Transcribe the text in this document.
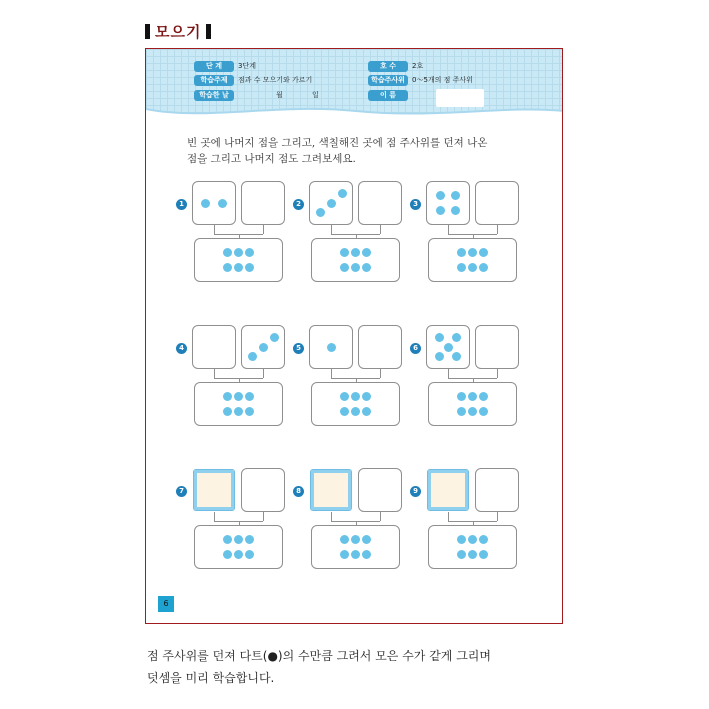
모으기
단 계	3단계
학습주제	점과 수 모으기와 가르기
학습한 날	월	일
호 수	2호
학습주사위	0～5개의 점 주사위
이 름
빈 곳에 나머지 점을 그리고, 색칠해진 곳에 점 주사위를 던져 나온
점을 그리고 나머지 점도 그려보세요.
1	2	3
4	5	6
7	8	9
6
점 주사위를 던져 다트(●)의 수만큼 그려서 모은 수가 같게 그리며
덧셈을 미리 학습합니다.
